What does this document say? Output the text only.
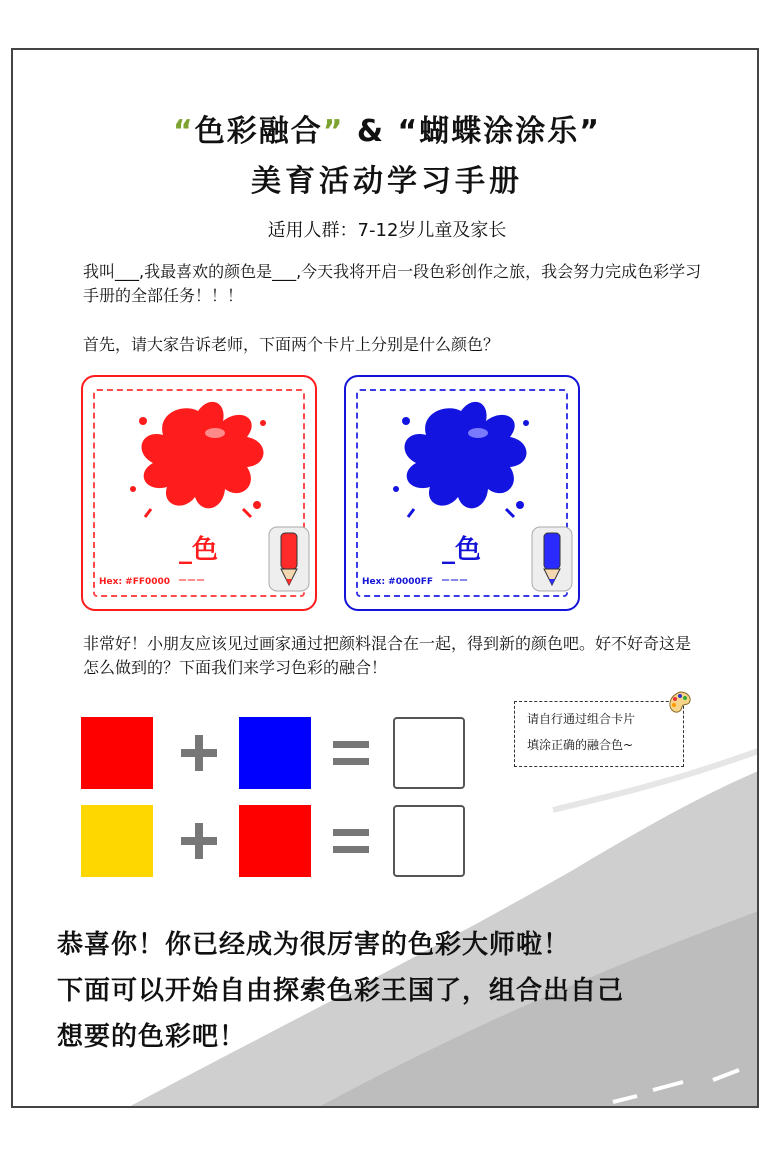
“色彩融合” & “蝴蝶涂涂乐”
美育活动学习手册
适用人群：7-12岁儿童及家长
我叫___,我最喜欢的颜色是___,今天我将开启一段色彩创作之旅，我会努力完成色彩学习手册的全部任务！！！
首先，请大家告诉老师，下面两个卡片上分别是什么颜色？
_色
___
Hex: #FF0000
_色
___
Hex: #0000FF
非常好！小朋友应该见过画家通过把颜料混合在一起，得到新的颜色吧。好不好奇这是怎么做到的？下面我们来学习色彩的融合！
请自行通过组合卡片
填涂正确的融合色~
恭喜你！你已经成为很厉害的色彩大师啦！
下面可以开始自由探索色彩王国了，组合出自己
想要的色彩吧！
